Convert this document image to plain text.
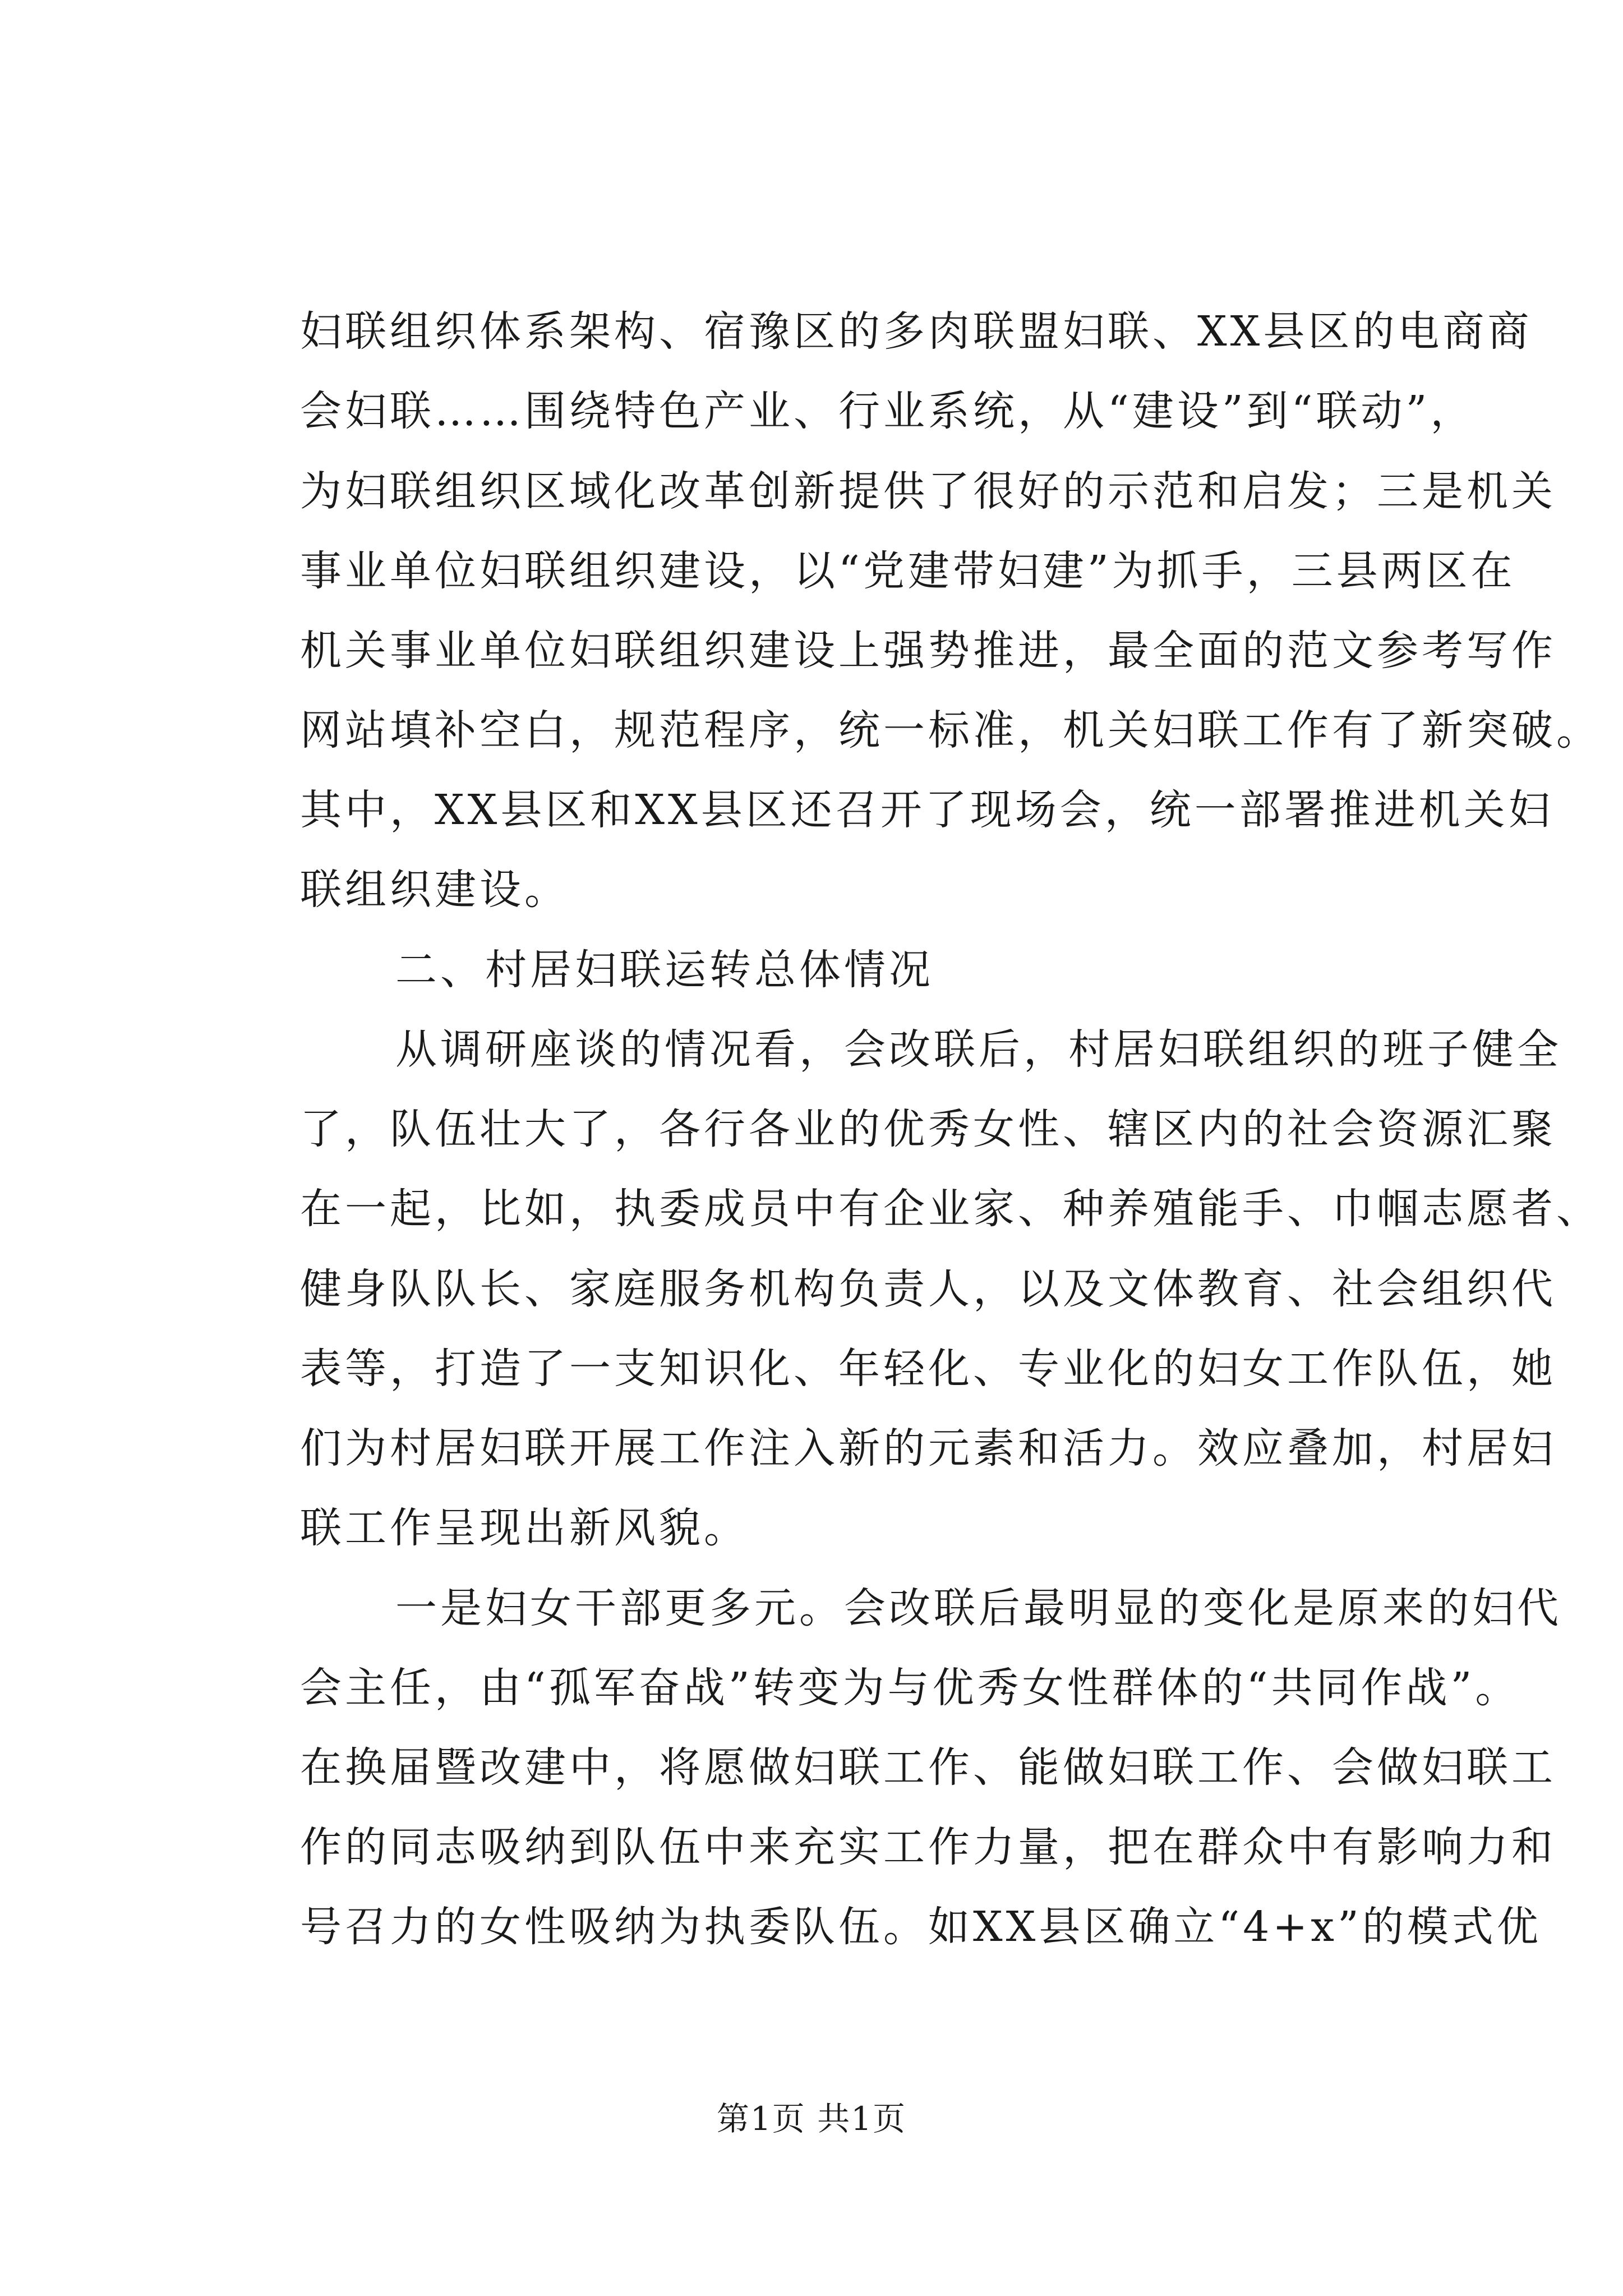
妇联组织体系架构、宿豫区的多肉联盟妇联、XX县区的电商商
会妇联……围绕特色产业、行业系统，从“建设”到“联动”，
为妇联组织区域化改革创新提供了很好的示范和启发；三是机关
事业单位妇联组织建设，以“党建带妇建”为抓手，三县两区在
机关事业单位妇联组织建设上强势推进，最全面的范文参考写作
网站填补空白，规范程序，统一标准，机关妇联工作有了新突破。
其中，XX县区和XX县区还召开了现场会，统一部署推进机关妇
联组织建设。
二、村居妇联运转总体情况
从调研座谈的情况看，会改联后，村居妇联组织的班子健全
了，队伍壮大了，各行各业的优秀女性、辖区内的社会资源汇聚
在一起，比如，执委成员中有企业家、种养殖能手、巾帼志愿者、
健身队队长、家庭服务机构负责人，以及文体教育、社会组织代
表等，打造了一支知识化、年轻化、专业化的妇女工作队伍，她
们为村居妇联开展工作注入新的元素和活力。效应叠加，村居妇
联工作呈现出新风貌。
一是妇女干部更多元。会改联后最明显的变化是原来的妇代
会主任，由“孤军奋战”转变为与优秀女性群体的“共同作战”。
在换届暨改建中，将愿做妇联工作、能做妇联工作、会做妇联工
作的同志吸纳到队伍中来充实工作力量，把在群众中有影响力和
号召力的女性吸纳为执委队伍。如XX县区确立“4+x”的模式优
第1页 共1页
